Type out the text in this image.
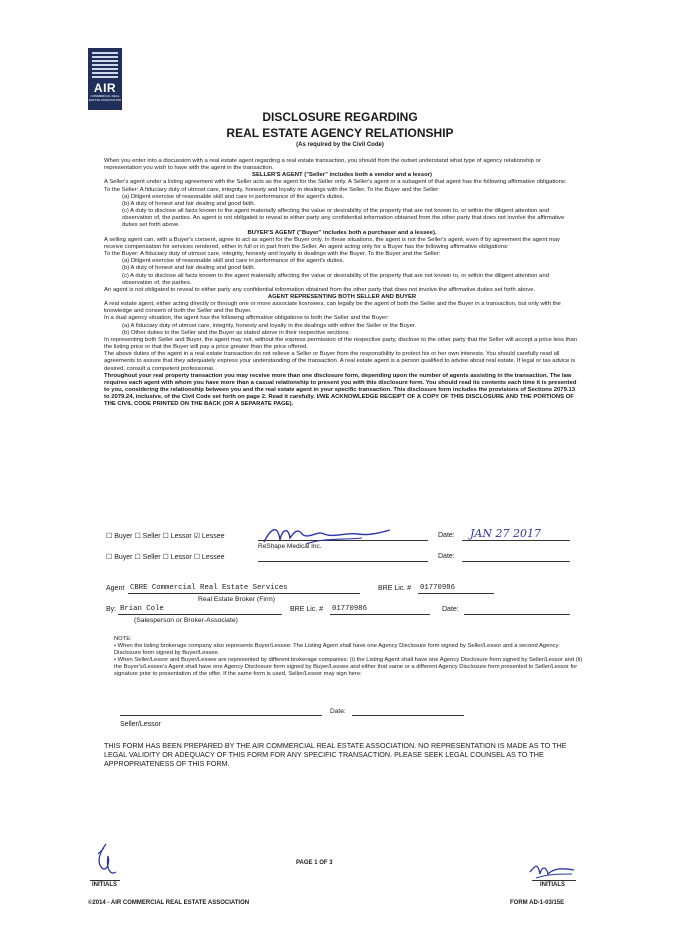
AIR
COMMERCIAL REAL ESTATE ASSOCIATION
DISCLOSURE REGARDING
REAL ESTATE AGENCY RELATIONSHIP
(As required by the Civil Code)

When you enter into a discussion with a real estate agent regarding a real estate transaction, you should from the outset understand what type of agency relationship or representation you wish to have with the agent in the transaction.

SELLER'S AGENT ("Seller" includes both a vendor and a lessor)

A Seller's agent under a listing agreement with the Seller acts as the agent for the Seller only. A Seller's agent or a subagent of that agent has the following affirmative obligations:

To the Seller: A fiduciary duty of utmost care, integrity, honesty and loyalty in dealings with the Seller. To the Buyer and the Seller:

(a) Diligent exercise of reasonable skill and care in performance of the agent's duties.

(b) A duty of honest and fair dealing and good faith.

(c) A duty to disclose all facts known to the agent materially affecting the value or desirability of the property that are not known to, or within the diligent attention and observation of, the parties. An agent is not obligated to reveal to either party any confidential information obtained from the other party that does not involve the affirmative duties set forth above.

BUYER'S AGENT ("Buyer" includes both a purchaser and a lessee).

A selling agent can, with a Buyer's consent, agree to act as agent for the Buyer only. In these situations, the agent is not the Seller's agent, even if by agreement the agent may receive compensation for services rendered, either in full or in part from the Seller. An agent acting only for a Buyer has the following affirmative obligations:

To the Buyer: A fiduciary duty of utmost care, integrity, honesty and loyalty in dealings with the Buyer. To the Buyer and the Seller:

(a) Diligent exercise of reasonable skill and care in performance of the agent's duties.

(b) A duty of honest and fair dealing and good faith.

(c) A duty to disclose all facts known to the agent materially affecting the value or desirability of the property that are not known to, or within the diligent attention and observation of, the parties.

An agent is not obligated to reveal to either party any confidential information obtained from the other party that does not involve the affirmative duties set forth above.

AGENT REPRESENTING BOTH SELLER AND BUYER

A real estate agent, either acting directly or through one or more associate licensees, can legally be the agent of both the Seller and the Buyer in a transaction, but only with the knowledge and consent of both the Seller and the Buyer.

In a dual agency situation, the agent has the following affirmative obligations to both the Seller and the Buyer:

(a) A fiduciary duty of utmost care, integrity, honesty and loyalty in the dealings with either the Seller or the Buyer.

(b) Other duties to the Seller and the Buyer as stated above in their respective sections.

In representing both Seller and Buyer, the agent may not, without the express permission of the respective party, disclose to the other party that the Seller will accept a price less than the listing price or that the Buyer will pay a price greater than the price offered.

The above duties of the agent in a real estate transaction do not relieve a Seller or Buyer from the responsibility to protect his or her own interests. You should carefully read all agreements to assure that they adequately express your understanding of the transaction. A real estate agent is a person qualified to advise about real estate. If legal or tax advice is desired, consult a competent professional.

Throughout your real property transaction you may receive more than one disclosure form, depending upon the number of agents assisting in the transaction. The law requires each agent with whom you have more than a casual relationship to present you with this disclosure form. You should read its contents each time it is presented to you, considering the relationship between you and the real estate agent in your specific transaction. This disclosure form includes the provisions of Sections 2079.13 to 2079.24, inclusive, of the Civil Code set forth on page 2. Read it carefully. I/WE ACKNOWLEDGE RECEIPT OF A COPY OF THIS DISCLOSURE AND THE PORTIONS OF THE CIVIL CODE PRINTED ON THE BACK (OR A SEPARATE PAGE).

☐ Buyer ☐ Seller ☐ Lessor ☑ Lessee
ReShape Medical Inc.
Date: JAN 27 2017
☐ Buyer ☐ Seller ☐ Lessor ☐ Lessee	Date:
Agent CBRE Commercial Real Estate Services	BRE Lic. # 01770986
Real Estate Broker (Firm)
By: Brian Cole	BRE Lic. # 01770986	Date:
(Salesperson or Broker-Associate)

NOTE:

• When the listing brokerage company also represents Buyer/Lessee: The Listing Agent shall have one Agency Disclosure form signed by Seller/Lessor and a second Agency Disclosure form signed by Buyer/Lessee.

• When Seller/Lessor and Buyer/Lessee are represented by different brokerage companies: (i) the Listing Agent shall have one Agency Disclosure form signed by Seller/Lessor and (ii) the Buyer's/Lessee's Agent shall have one Agency Disclosure form signed by Buyer/Lessee and either that same or a different Agency Disclosure form presented to Seller/Lessor for signature prior to presentation of the offer. If the same form is used, Seller/Lessor may sign here:

Date:
Seller/Lessor
THIS FORM HAS BEEN PREPARED BY THE AIR COMMERCIAL REAL ESTATE ASSOCIATION. NO REPRESENTATION IS MADE AS TO THE LEGAL VALIDITY OR ADEQUACY OF THIS FORM FOR ANY SPECIFIC TRANSACTION. PLEASE SEEK LEGAL COUNSEL AS TO THE APPROPRIATENESS OF THIS FORM.
INITIALS
PAGE 1 OF 3
INITIALS
©2014 - AIR COMMERCIAL REAL ESTATE ASSOCIATION	FORM AD-1-03/15E
